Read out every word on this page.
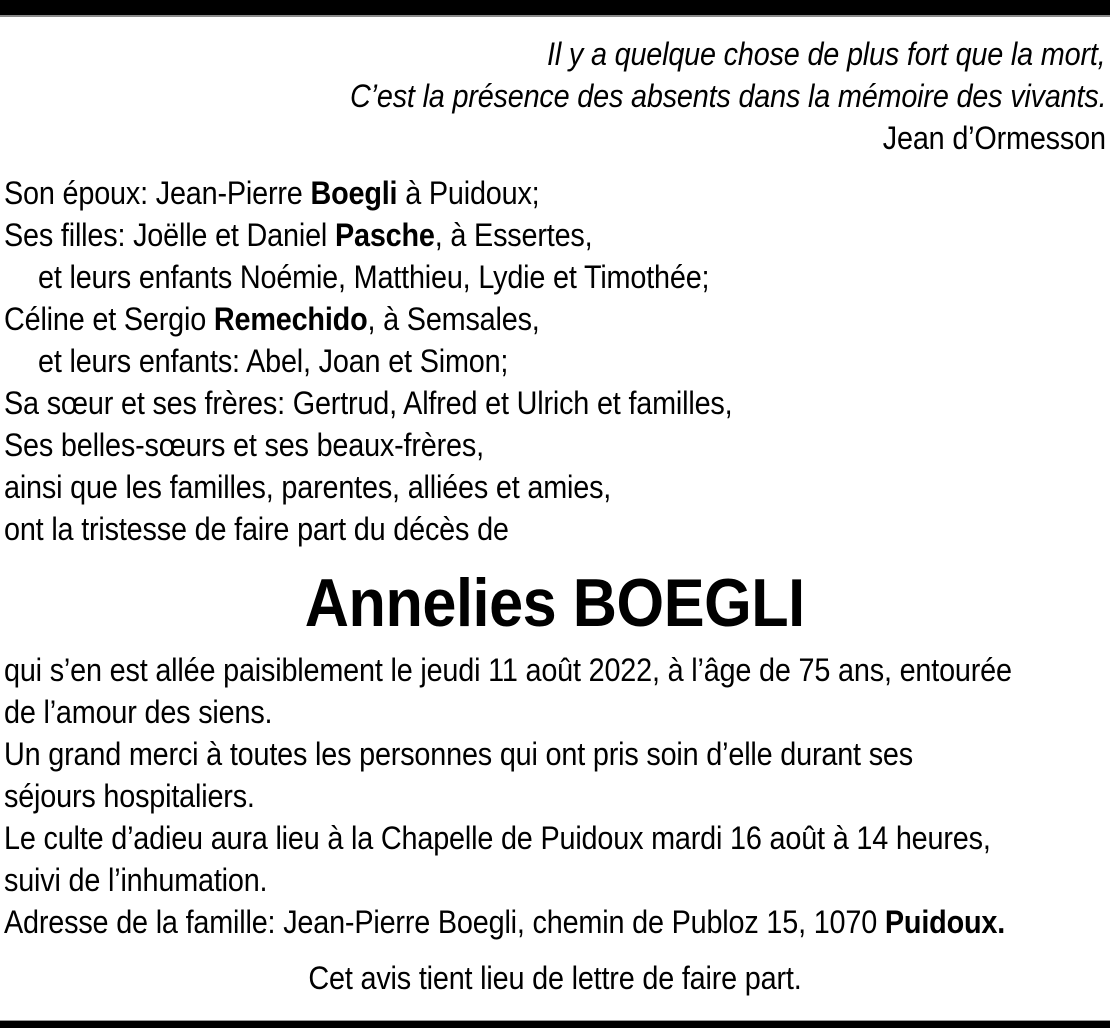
Il y a quelque chose de plus fort que la mort,
C’est la présence des absents dans la mémoire des vivants.
Jean d’Ormesson
Son époux: Jean-Pierre Boegli à Puidoux;
Ses filles: Joëlle et Daniel Pasche, à Essertes,
et leurs enfants Noémie, Matthieu, Lydie et Timothée;
Céline et Sergio Remechido, à Semsales,
et leurs enfants: Abel, Joan et Simon;
Sa sœur et ses frères: Gertrud, Alfred et Ulrich et familles,
Ses belles-sœurs et ses beaux-frères,
ainsi que les familles, parentes, alliées et amies,
ont la tristesse de faire part du décès de
Annelies BOEGLI
qui s’en est allée paisiblement le jeudi 11 août 2022, à l’âge de 75 ans, entourée
de l’amour des siens.
Un grand merci à toutes les personnes qui ont pris soin d’elle durant ses
séjours hospitaliers.
Le culte d’adieu aura lieu à la Chapelle de Puidoux mardi 16 août à 14 heures,
suivi de l’inhumation.
Adresse de la famille: Jean-Pierre Boegli, chemin de Publoz 15, 1070 Puidoux.
Cet avis tient lieu de lettre de faire part.
